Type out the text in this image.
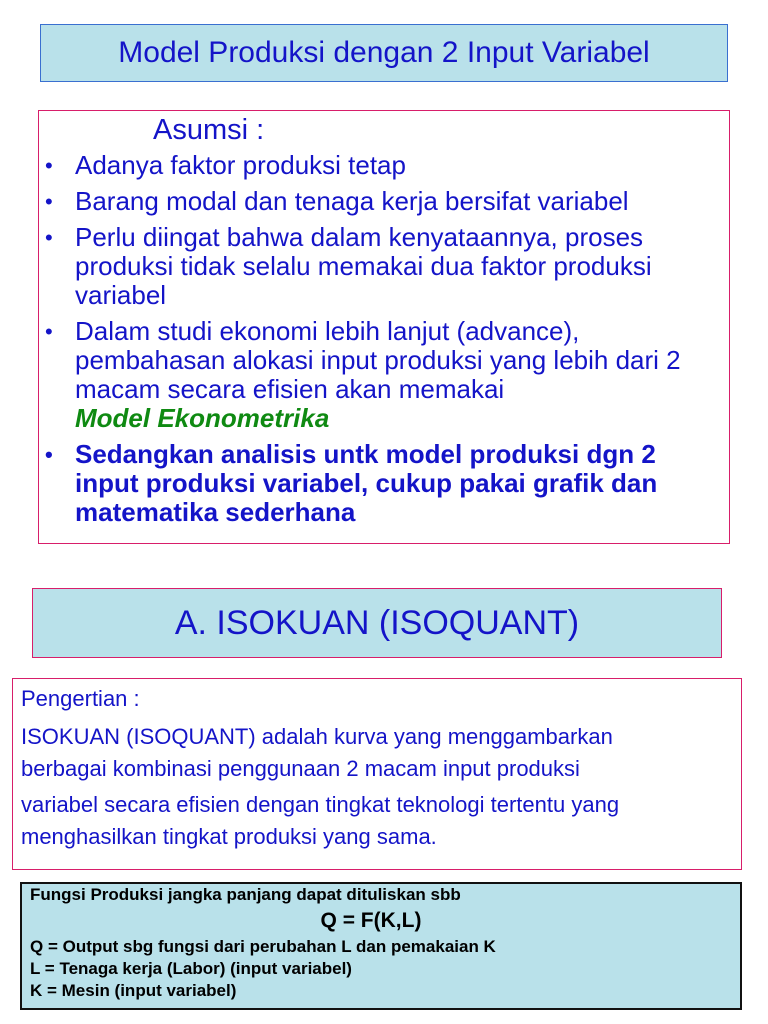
Model Produksi dengan 2 Input Variabel
Asumsi :
• Adanya faktor produksi tetap
• Barang modal dan tenaga kerja bersifat variabel
• Perlu diingat bahwa dalam kenyataannya, proses produksi tidak selalu memakai dua faktor produksi variabel
• Dalam studi ekonomi lebih lanjut (advance), pembahasan alokasi input produksi yang lebih dari 2 macam secara efisien akan memakai
Model Ekonometrika
• Sedangkan analisis untk model produksi dgn 2 input produksi variabel, cukup pakai grafik dan matematika sederhana
A. ISOKUAN (ISOQUANT)
Pengertian :
ISOKUAN (ISOQUANT) adalah kurva yang menggambarkan
berbagai kombinasi penggunaan 2 macam input produksi
variabel secara efisien dengan tingkat teknologi tertentu yang
menghasilkan tingkat produksi yang sama.
Fungsi Produksi jangka panjang dapat dituliskan sbb
Q = F(K,L)
Q = Output sbg fungsi dari perubahan L dan pemakaian K
L = Tenaga kerja (Labor) (input variabel)
K = Mesin (input variabel)
